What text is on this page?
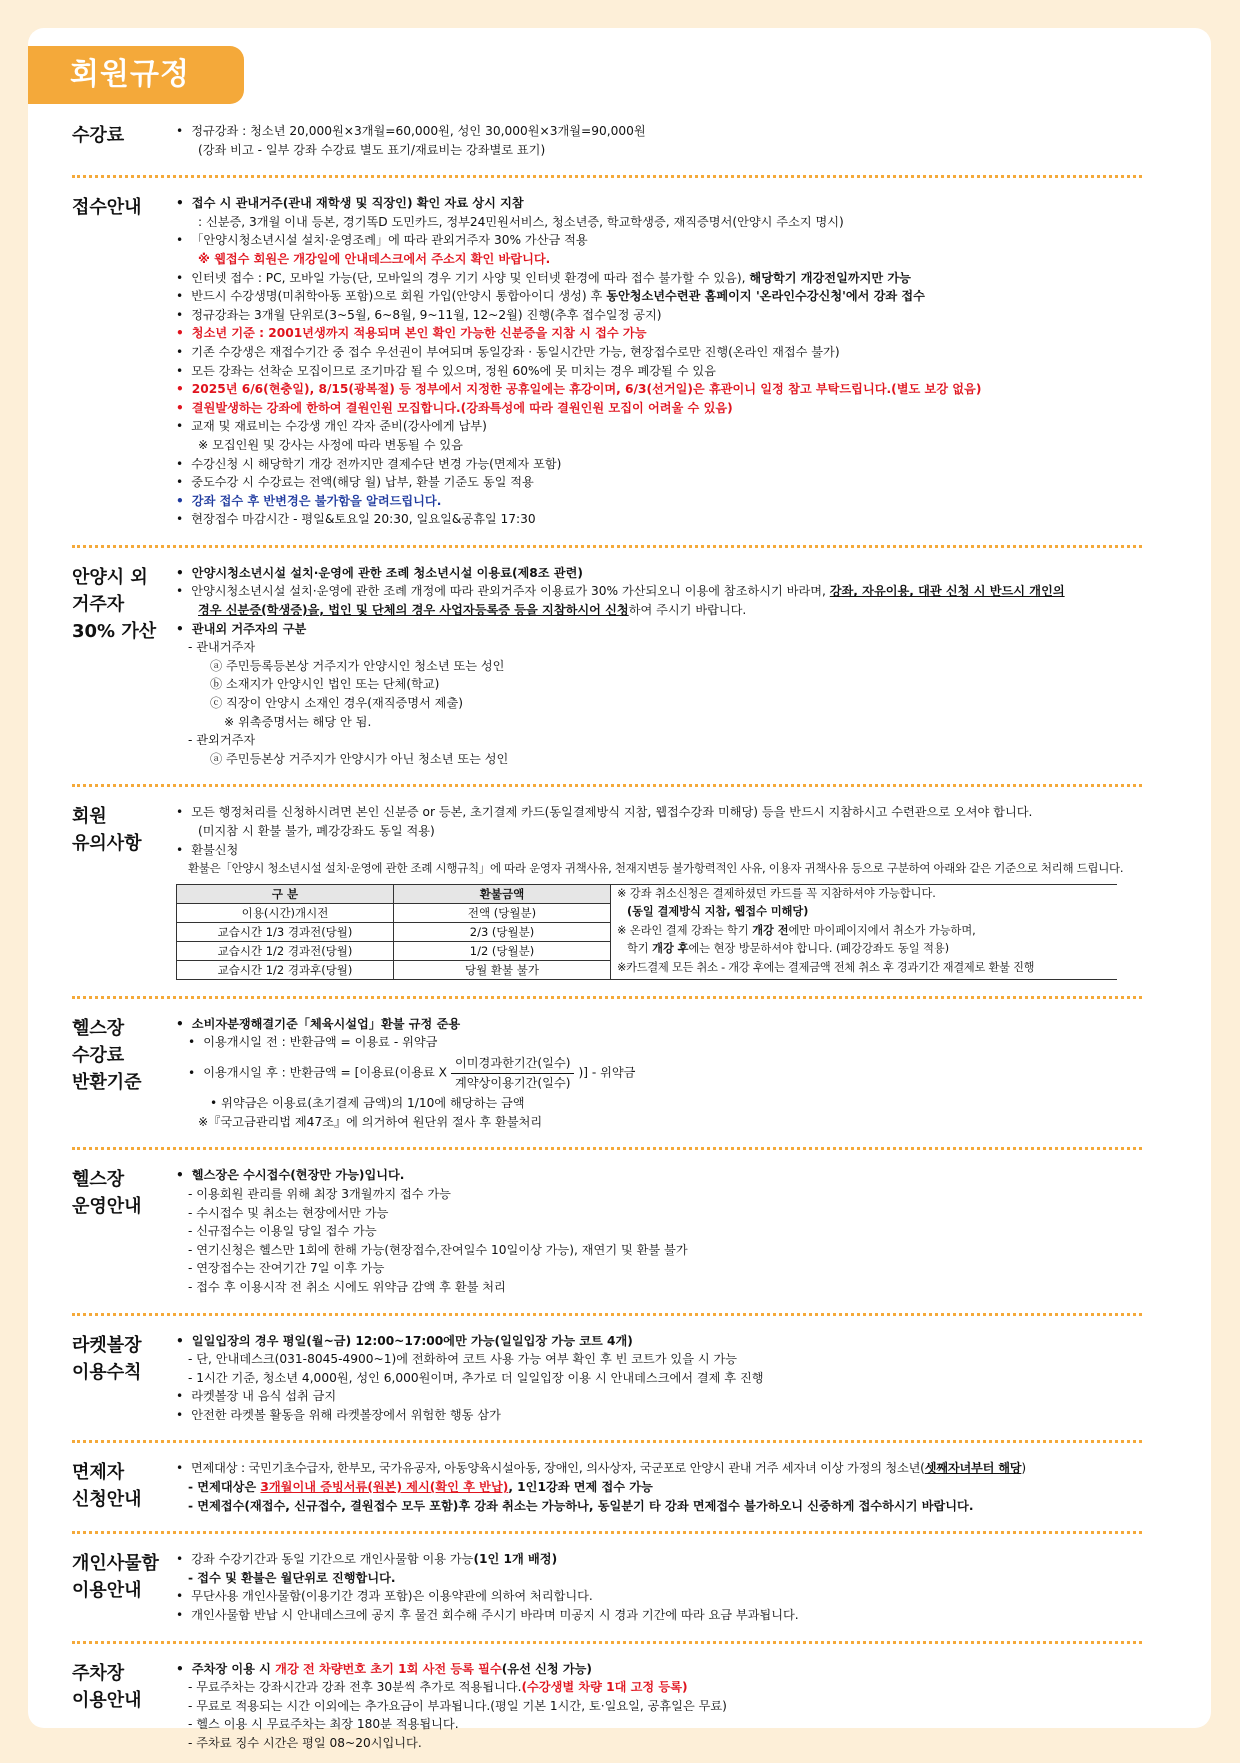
회원규정
수강료	• 정규강좌 : 청소년 20,000원×3개월=60,000원, 성인 30,000원×3개월=90,000원
(강좌 비고 - 일부 강좌 수강료 별도 표기/재료비는 강좌별로 표기)
접수안내	• 접수 시 관내거주(관내 재학생 및 직장인) 확인 자료 상시 지참
: 신분증, 3개월 이내 등본, 경기똑D 도민카드, 정부24민원서비스, 청소년증, 학교학생증, 재직증명서(안양시 주소지 명시)
• 「안양시청소년시설 설치·운영조례」에 따라 관외거주자 30% 가산금 적용
※ 웹접수 회원은 개강일에 안내데스크에서 주소지 확인 바랍니다.
• 인터넷 접수 : PC, 모바일 가능(단, 모바일의 경우 기기 사양 및 인터넷 환경에 따라 접수 불가할 수 있음), 해당학기 개강전일까지만 가능
• 반드시 수강생명(미취학아동 포함)으로 회원 가입(안양시 통합아이디 생성) 후 동안청소년수련관 홈페이지 '온라인수강신청'에서 강좌 접수
• 정규강좌는 3개월 단위로(3~5월, 6~8월, 9~11월, 12~2월) 진행(추후 접수일정 공지)
• 청소년 기준 : 2001년생까지 적용되며 본인 확인 가능한 신분증을 지참 시 접수 가능
• 기존 수강생은 재접수기간 중 접수 우선권이 부여되며 동일강좌 · 동일시간만 가능, 현장접수로만 진행(온라인 재접수 불가)
• 모든 강좌는 선착순 모집이므로 조기마감 될 수 있으며, 정원 60%에 못 미치는 경우 폐강될 수 있음
• 2025년 6/6(현충일), 8/15(광복절) 등 정부에서 지정한 공휴일에는 휴강이며, 6/3(선거일)은 휴관이니 일정 참고 부탁드립니다.(별도 보강 없음)
• 결원발생하는 강좌에 한하여 결원인원 모집합니다.(강좌특성에 따라 결원인원 모집이 어려울 수 있음)
• 교재 및 재료비는 수강생 개인 각자 준비(강사에게 납부)
※ 모집인원 및 강사는 사정에 따라 변동될 수 있음
• 수강신청 시 해당학기 개강 전까지만 결제수단 변경 가능(면제자 포함)
• 중도수강 시 수강료는 전액(해당 월) 납부, 환불 기준도 동일 적용
• 강좌 접수 후 반변경은 불가함을 알려드립니다.
• 현장접수 마감시간 - 평일&토요일 20:30, 일요일&공휴일 17:30
안양시 외
거주자
30% 가산
• 안양시청소년시설 설치·운영에 관한 조례 청소년시설 이용료(제8조 관련)
• 안양시청소년시설 설치·운영에 관한 조례 개정에 따라 관외거주자 이용료가 30% 가산되오니 이용에 참조하시기 바라며, 강좌, 자유이용, 대관 신청 시 반드시 개인의
경우 신분증(학생증)을, 법인 및 단체의 경우 사업자등록증 등을 지참하시어 신청하여 주시기 바랍니다.
• 관내외 거주자의 구분
- 관내거주자
ⓐ 주민등록등본상 거주지가 안양시인 청소년 또는 성인
ⓑ 소재지가 안양시인 법인 또는 단체(학교)
ⓒ 직장이 안양시 소재인 경우(재직증명서 제출)
※ 위촉증명서는 해당 안 됨.
- 관외거주자
ⓐ 주민등본상 거주지가 안양시가 아닌 청소년 또는 성인
회원
유의사항
• 모든 행정처리를 신청하시려면 본인 신분증 or 등본, 초기결제 카드(동일결제방식 지참, 웹접수강좌 미해당) 등을 반드시 지참하시고 수련관으로 오셔야 합니다.
(미지참 시 환불 불가, 폐강강좌도 동일 적용)
• 환불신청
환불은「안양시 청소년시설 설치·운영에 관한 조례 시행규칙」에 따라 운영자 귀책사유, 천재지변등 불가항력적인 사유, 이용자 귀책사유 등으로 구분하여 아래와 같은 기준으로 처리해 드립니다.
구 분	환불금액
이용(시간)개시전	전액 (당월분)
교습시간 1/3 경과전(당월)	2/3 (당월분)
교습시간 1/2 경과전(당월)	1/2 (당월분)
교습시간 1/2 경과후(당월)	당월 환불 불가
※ 강좌 취소신청은 결제하셨던 카드를 꼭 지참하셔야 가능합니다.
(동일 결제방식 지참, 웹접수 미해당)
※ 온라인 결제 강좌는 학기 개강 전에만 마이페이지에서 취소가 가능하며,
학기 개강 후에는 현장 방문하셔야 합니다. (폐강강좌도 동일 적용)
※카드결제 모든 취소 - 개강 후에는 결제금액 전체 취소 후 경과기간 재결제로 환불 진행
헬스장
수강료
반환기준
• 소비자분쟁해결기준「체육시설업」환불 규정 준용
• 이용개시일 전 : 반환금액 = 이용료 - 위약금
• 이용개시일 후 : 반환금액 = [이용료(이용료 X $\frac{\text{이미경과한기간(일수)}}{\text{계약상이용기간(일수)}}$ )] - 위약금
• 위약금은 이용료(초기결제 금액)의 1/10에 해당하는 금액
※『국고금관리법 제47조』에 의거하여 원단위 절사 후 환불처리
헬스장
운영안내
• 헬스장은 수시접수(현장만 가능)입니다.
- 이용회원 관리를 위해 최장 3개월까지 접수 가능
- 수시접수 및 취소는 현장에서만 가능
- 신규접수는 이용일 당일 접수 가능
- 연기신청은 헬스만 1회에 한해 가능(현장접수,잔여일수 10일이상 가능), 재연기 및 환불 불가
- 연장접수는 잔여기간 7일 이후 가능
- 접수 후 이용시작 전 취소 시에도 위약금 감액 후 환불 처리
라켓볼장
이용수칙
• 일일입장의 경우 평일(월~금) 12:00~17:00에만 가능(일일입장 가능 코트 4개)
- 단, 안내데스크(031-8045-4900~1)에 전화하여 코트 사용 가능 여부 확인 후 빈 코트가 있을 시 가능
- 1시간 기준, 청소년 4,000원, 성인 6,000원이며, 추가로 더 일일입장 이용 시 안내데스크에서 결제 후 진행
• 라켓볼장 내 음식 섭취 금지
• 안전한 라켓볼 활동을 위해 라켓볼장에서 위험한 행동 삼가
면제자
신청안내
• 면제대상 : 국민기초수급자, 한부모, 국가유공자, 아동양육시설아동, 장애인, 의사상자, 국군포로 안양시 관내 거주 세자녀 이상 가정의 청소년(셋째자녀부터 해당)
- 면제대상은 3개월이내 증빙서류(원본) 제시(확인 후 반납), 1인1강좌 면제 접수 가능
- 면제접수(재접수, 신규접수, 결원접수 모두 포함)후 강좌 취소는 가능하나, 동일분기 타 강좌 면제접수 불가하오니 신중하게 접수하시기 바랍니다.
개인사물함
이용안내
• 강좌 수강기간과 동일 기간으로 개인사물함 이용 가능(1인 1개 배정)
- 접수 및 환불은 월단위로 진행합니다.
• 무단사용 개인사물함(이용기간 경과 포함)은 이용약관에 의하여 처리합니다.
• 개인사물함 반납 시 안내데스크에 공지 후 물건 회수해 주시기 바라며 미공지 시 경과 기간에 따라 요금 부과됩니다.
주차장
이용안내
• 주차장 이용 시 개강 전 차량번호 초기 1회 사전 등록 필수(유선 신청 가능)
- 무료주차는 강좌시간과 강좌 전후 30분씩 추가로 적용됩니다.(수강생별 차량 1대 고정 등록)
- 무료로 적용되는 시간 이외에는 추가요금이 부과됩니다.(평일 기본 1시간, 토·일요일, 공휴일은 무료)
- 헬스 이용 시 무료주차는 최장 180분 적용됩니다.
- 주차료 징수 시간은 평일 08~20시입니다.
